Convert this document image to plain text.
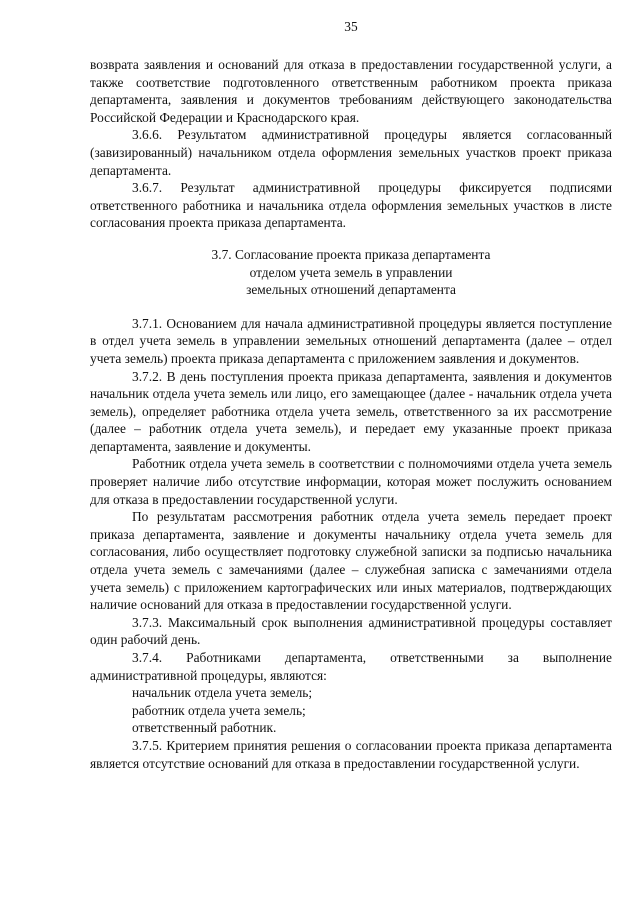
35

возврата заявления и оснований для отказа в предоставлении государственной услуги, а также соответствие подготовленного ответственным работником проекта приказа департамента, заявления и документов требованиям действующего законодательства Российской Федерации и Краснодарского края.

3.6.6. Результатом административной процедуры является согласованный (завизированный) начальником отдела оформления земельных участков проект приказа департамента.

3.6.7. Результат административной процедуры фиксируется подписями ответственного работника и начальника отдела оформления земельных участков в листе согласования проекта приказа департамента.

3.7. Согласование проекта приказа департамента
отделом учета земель в управлении
земельных отношений департамента

3.7.1. Основанием для начала административной процедуры является поступление в отдел учета земель в управлении земельных отношений департамента (далее – отдел учета земель) проекта приказа департамента с приложением заявления и документов.

3.7.2. В день поступления проекта приказа департамента, заявления и документов начальник отдела учета земель или лицо, его замещающее (далее - начальник отдела учета земель), определяет работника отдела учета земель, ответственного за их рассмотрение (далее – работник отдела учета земель), и передает ему указанные проект приказа департамента, заявление и документы.

Работник отдела учета земель в соответствии с полномочиями отдела учета земель проверяет наличие либо отсутствие информации, которая может послужить основанием для отказа в предоставлении государственной услуги.

По результатам рассмотрения работник отдела учета земель передает проект приказа департамента, заявление и документы начальнику отдела учета земель для согласования, либо осуществляет подготовку служебной записки за подписью начальника отдела учета земель с замечаниями (далее – служебная записка с замечаниями отдела учета земель) с приложением картографических или иных материалов, подтверждающих наличие оснований для отказа в предоставлении государственной услуги.

3.7.3. Максимальный срок выполнения административной процедуры составляет один рабочий день.

3.7.4. Работниками департамента, ответственными за выполнение административной процедуры, являются:

начальник отдела учета земель;
работник отдела учета земель;
ответственный работник.

3.7.5. Критерием принятия решения о согласовании проекта приказа департамента является отсутствие оснований для отказа в предоставлении государственной услуги.
